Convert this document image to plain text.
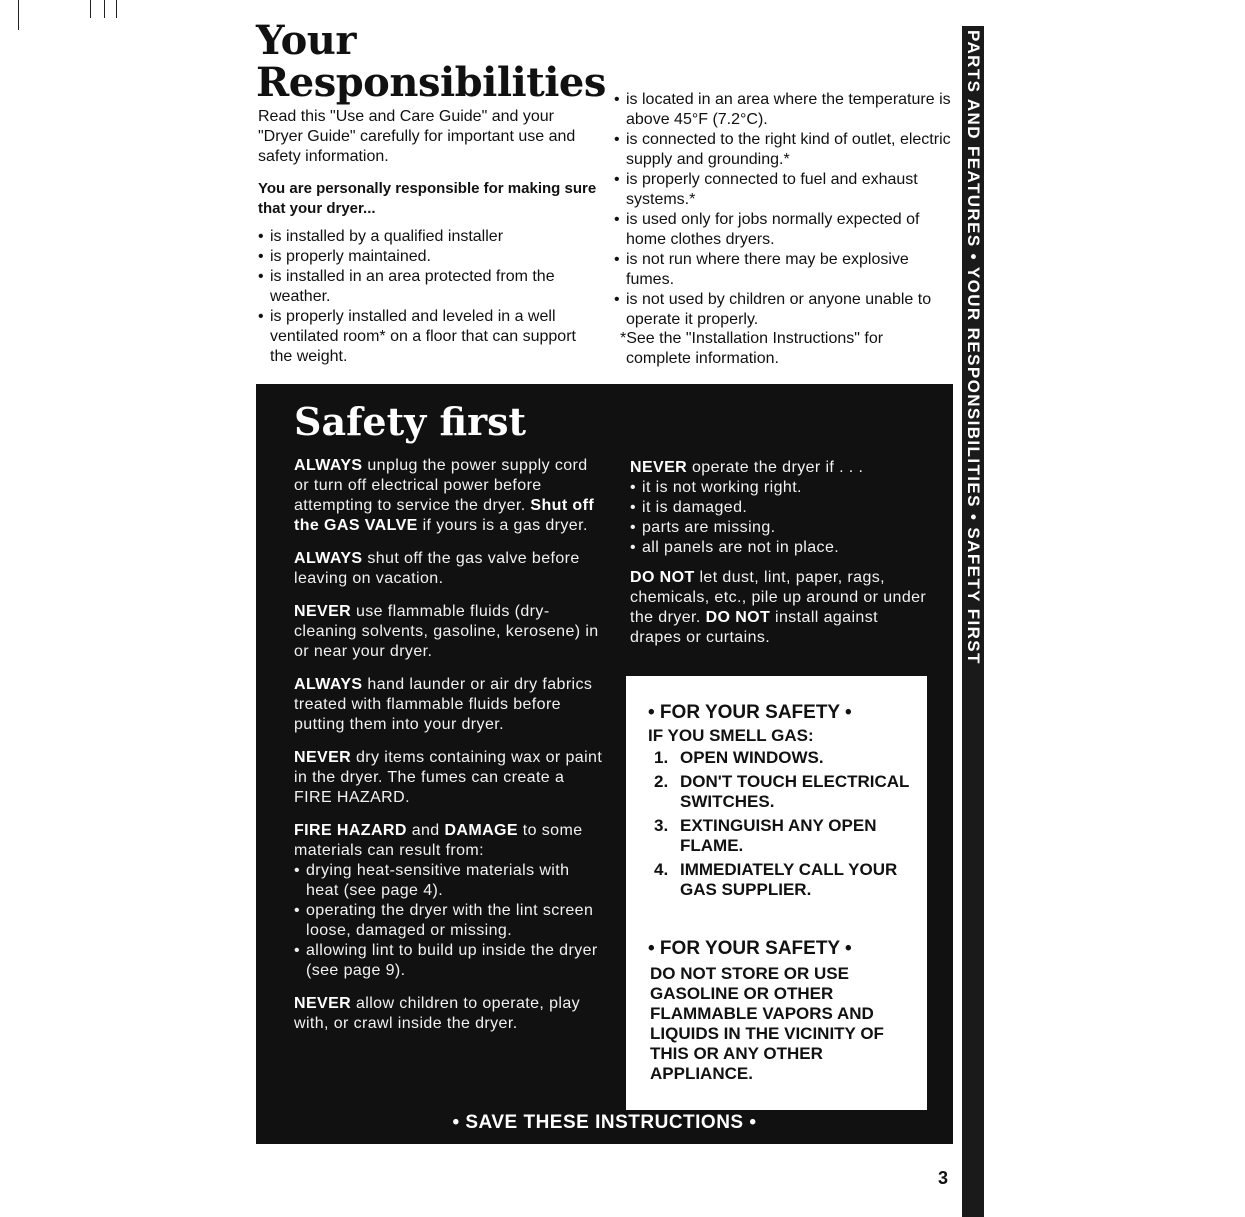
Your
Responsibilities

Read this "Use and Care Guide" and your "Dryer Guide" carefully for important use and safety information.

You are personally responsible for making sure that your dryer...

• is installed by a qualified installer
• is properly maintained.
• is installed in an area protected from the weather.
• is properly installed and leveled in a well ventilated room* on a floor that can support the weight.
• is located in an area where the temperature is above 45°F (7.2°C).
• is connected to the right kind of outlet, electric supply and grounding.*
• is properly connected to fuel and exhaust systems.*
• is used only for jobs normally expected of home clothes dryers.
• is not run where there may be explosive fumes.
• is not used by children or anyone unable to operate it properly.

*See the "Installation Instructions" for
complete information.

Safety first

ALWAYS unplug the power supply cord or turn off electrical power before attempting to service the dryer. Shut off the GAS VALVE if yours is a gas dryer.

ALWAYS shut off the gas valve before leaving on vacation.

NEVER use flammable fluids (dry-cleaning solvents, gasoline, kerosene) in or near your dryer.

ALWAYS hand launder or air dry fabrics treated with flammable fluids before putting them into your dryer.

NEVER dry items containing wax or paint in the dryer. The fumes can create a FIRE HAZARD.

FIRE HAZARD and DAMAGE to some materials can result from:
• drying heat-sensitive materials with heat (see page 4).
• operating the dryer with the lint screen loose, damaged or missing.
• allowing lint to build up inside the dryer (see page 9).

NEVER allow children to operate, play with, or crawl inside the dryer.

NEVER operate the dryer if . . .
• it is not working right.
• it is damaged.
• parts are missing.
• all panels are not in place.

DO NOT let dust, lint, paper, rags, chemicals, etc., pile up around or under the dryer. DO NOT install against drapes or curtains.

• FOR YOUR SAFETY •
IF YOU SMELL GAS:
1. OPEN WINDOWS.
2. DON'T TOUCH ELECTRICAL SWITCHES.
3. EXTINGUISH ANY OPEN FLAME.
4. IMMEDIATELY CALL YOUR GAS SUPPLIER.
• FOR YOUR SAFETY •

DO NOT STORE OR USE GASOLINE OR OTHER FLAMMABLE VAPORS AND LIQUIDS IN THE VICINITY OF THIS OR ANY OTHER APPLIANCE.

• SAVE THESE INSTRUCTIONS •
PARTS AND FEATURES • YOUR RESPONSIBILITIES • SAFETY FIRST
3
